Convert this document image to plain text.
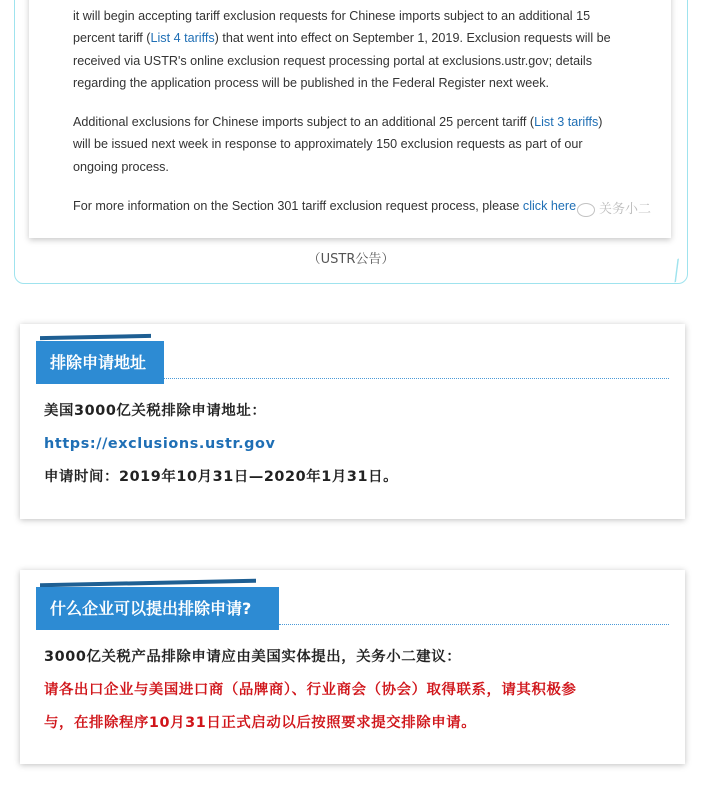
╱

it will begin accepting tariff exclusion requests for Chinese imports subject to an additional 15
percent tariff (List 4 tariffs) that went into effect on September 1, 2019. Exclusion requests will be
received via USTR's online exclusion request processing portal at exclusions.ustr.gov; details
regarding the application process will be published in the Federal Register next week.

Additional exclusions for Chinese imports subject to an additional 25 percent tariff (List 3 tariffs)
will be issued next week in response to approximately 150 exclusion requests as part of our
ongoing process.

For more information on the Section 301 tariff exclusion request process, please click here	关务小二
（USTR公告）
排除申请地址
美国3000亿关税排除申请地址：
https://exclusions.ustr.gov
申请时间：2019年10月31日—2020年1月31日。
什么企业可以提出排除申请?
3000亿关税产品排除申请应由美国实体提出，关务小二建议：
请各出口企业与美国进口商（品牌商）、行业商会（协会）取得联系，请其积极参
与，在排除程序10月31日正式启动以后按照要求提交排除申请。
